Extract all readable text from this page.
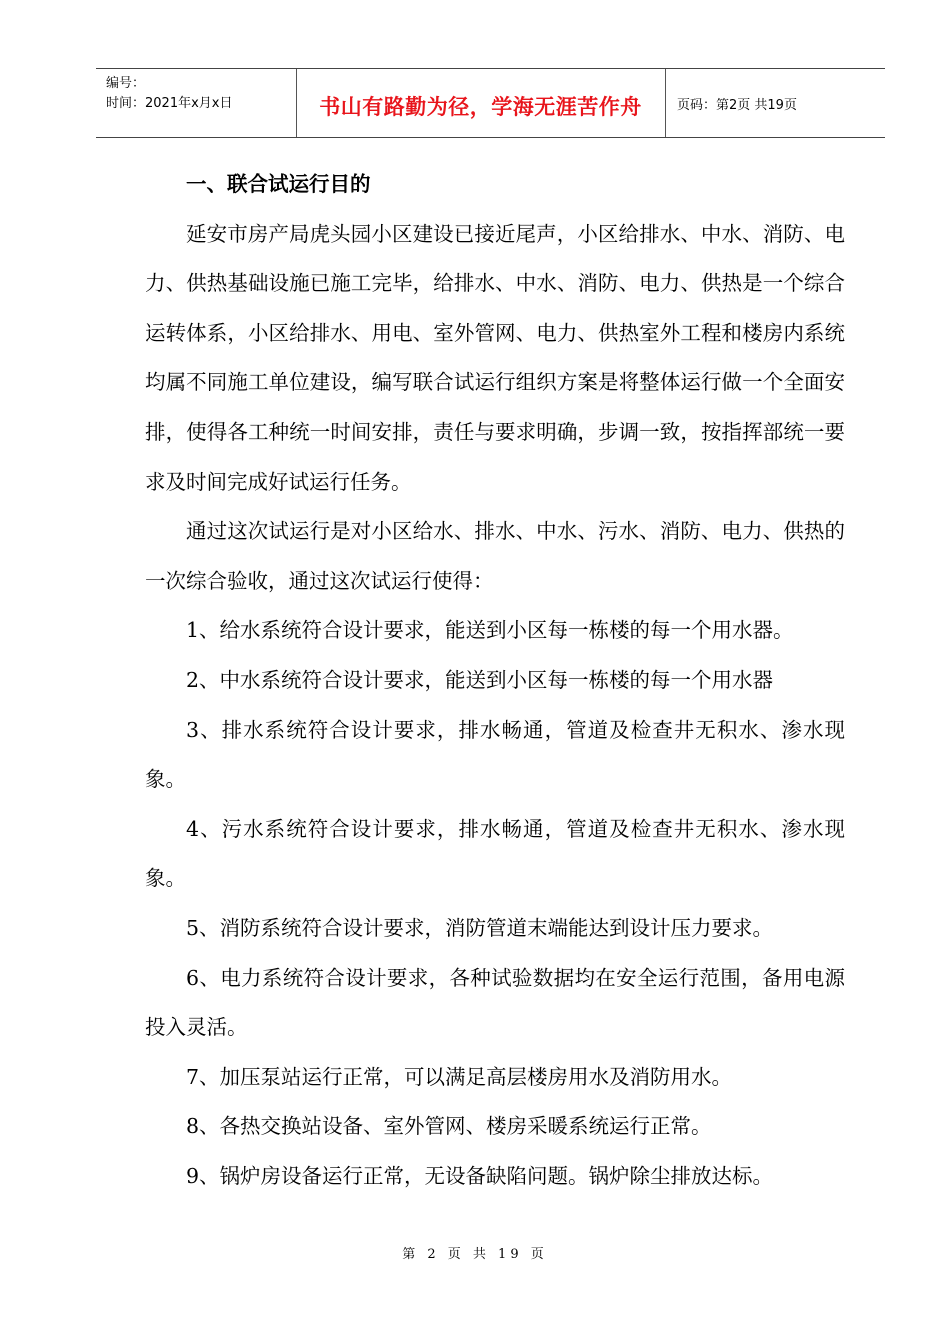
编号：
时间：2021年x月x日	书山有路勤为径，学海无涯苦作舟	页码：第2页 共19页
一、联合试运行目的

延安市房产局虎头园小区建设已接近尾声，小区给排水、中水、消防、电力、供热基础设施已施工完毕，给排水、中水、消防、电力、供热是一个综合运转体系，小区给排水、用电、室外管网、电力、供热室外工程和楼房内系统均属不同施工单位建设，编写联合试运行组织方案是将整体运行做一个全面安排，使得各工种统一时间安排，责任与要求明确，步调一致，按指挥部统一要求及时间完成好试运行任务。

通过这次试运行是对小区给水、排水、中水、污水、消防、电力、供热的一次综合验收，通过这次试运行使得：

1、给水系统符合设计要求，能送到小区每一栋楼的每一个用水器。

2、中水系统符合设计要求，能送到小区每一栋楼的每一个用水器

3、排水系统符合设计要求，排水畅通，管道及检查井无积水、渗水现象。

4、污水系统符合设计要求，排水畅通，管道及检查井无积水、渗水现象。

5、消防系统符合设计要求，消防管道末端能达到设计压力要求。

6、电力系统符合设计要求，各种试验数据均在安全运行范围，备用电源投入灵活。

7、加压泵站运行正常，可以满足高层楼房用水及消防用水。

8、各热交换站设备、室外管网、楼房采暖系统运行正常。

9、锅炉房设备运行正常，无设备缺陷问题。锅炉除尘排放达标。

第 2 页 共 19 页
